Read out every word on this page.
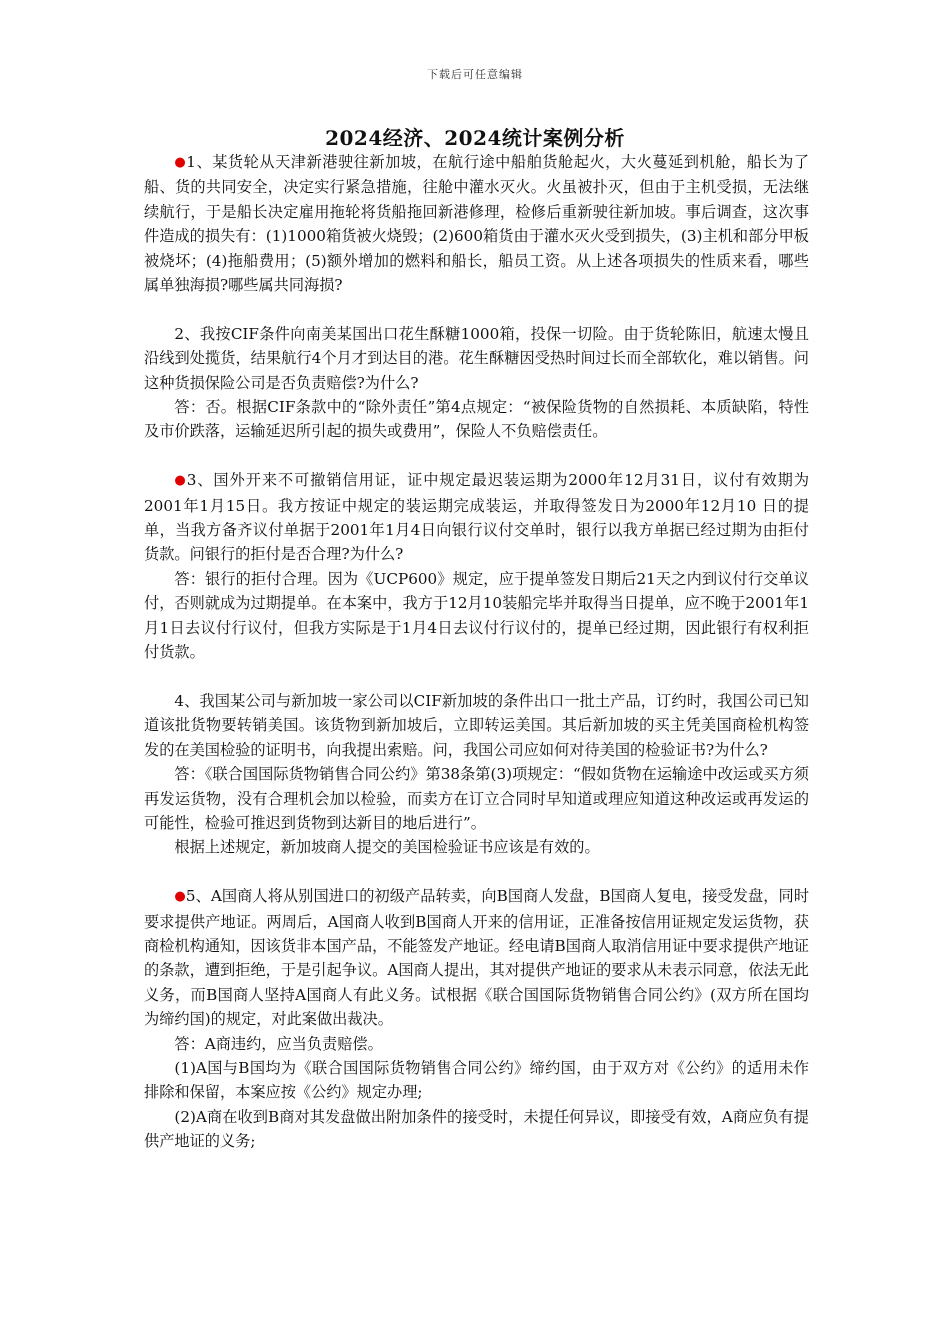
下载后可任意编辑
2024经济、2024统计案例分析

●1、某货轮从天津新港驶往新加坡，在航行途中船舶货舱起火，大火蔓延到机舱，船长为了船、货的共同安全，决定实行紧急措施，往舱中灌水灭火。火虽被扑灭，但由于主机受损，无法继续航行，于是船长决定雇用拖轮将货船拖回新港修理，检修后重新驶往新加坡。事后调查，这次事件造成的损失有：(1)1000箱货被火烧毁；(2)600箱货由于灌水灭火受到损失，(3)主机和部分甲板被烧坏；(4)拖船费用；(5)额外增加的燃料和船长，船员工资。从上述各项损失的性质来看，哪些属单独海损?哪些属共同海损?

2、我按CIF条件向南美某国出口花生酥糖1000箱，投保一切险。由于货轮陈旧，航速太慢且沿线到处揽货，结果航行4个月才到达目的港。花生酥糖因受热时间过长而全部软化，难以销售。问这种货损保险公司是否负责赔偿?为什么?

答：否。根据CIF条款中的“除外责任”第4点规定：“被保险货物的自然损耗、本质缺陷，特性及市价跌落，运输延迟所引起的损失或费用”，保险人不负赔偿责任。

●3、国外开来不可撤销信用证，证中规定最迟装运期为2000年12月31日，议付有效期为2001年1月15日。我方按证中规定的装运期完成装运，并取得签发日为2000年12月10 日的提单，当我方备齐议付单据于2001年1月4日向银行议付交单时，银行以我方单据已经过期为由拒付货款。问银行的拒付是否合理?为什么?

答：银行的拒付合理。因为《UCP600》规定，应于提单签发日期后21天之内到议付行交单议付，否则就成为过期提单。在本案中，我方于12月10装船完毕并取得当日提单，应不晚于2001年1月1日去议付行议付，但我方实际是于1月4日去议付行议付的，提单已经过期，因此银行有权利拒付货款。

4、我国某公司与新加坡一家公司以CIF新加坡的条件出口一批土产品，订约时，我国公司已知道该批货物要转销美国。该货物到新加坡后，立即转运美国。其后新加坡的买主凭美国商检机构签发的在美国检验的证明书，向我提出索赔。问，我国公司应如何对待美国的检验证书?为什么?

答：《联合国国际货物销售合同公约》第38条第(3)项规定：“假如货物在运输途中改运或买方须再发运货物，没有合理机会加以检验，而卖方在订立合同时早知道或理应知道这种改运或再发运的可能性，检验可推迟到货物到达新目的地后进行”。

根据上述规定，新加坡商人提交的美国检验证书应该是有效的。

●5、A国商人将从别国进口的初级产品转卖，向B国商人发盘，B国商人复电，接受发盘，同时要求提供产地证。两周后，A国商人收到B国商人开来的信用证，正准备按信用证规定发运货物，获商检机构通知，因该货非本国产品，不能签发产地证。经电请B国商人取消信用证中要求提供产地证的条款，遭到拒绝，于是引起争议。A国商人提出，其对提供产地证的要求从未表示同意，依法无此义务，而B国商人坚持A国商人有此义务。试根据《联合国国际货物销售合同公约》(双方所在国均为缔约国)的规定，对此案做出裁决。

答：A商违约，应当负责赔偿。

(1)A国与B国均为《联合国国际货物销售合同公约》缔约国，由于双方对《公约》的适用未作排除和保留，本案应按《公约》规定办理;

(2)A商在收到B商对其发盘做出附加条件的接受时，未提任何异议，即接受有效，A商应负有提供产地证的义务;
